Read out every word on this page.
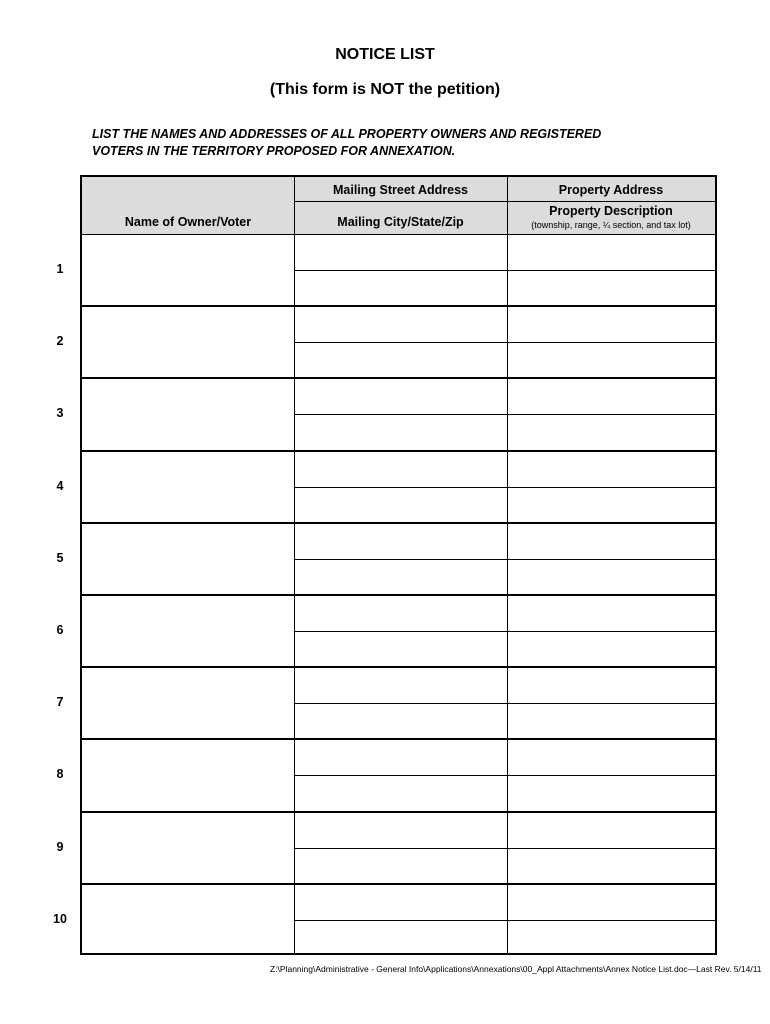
NOTICE LIST
(This form is NOT the petition)
LIST THE NAMES AND ADDRESSES OF ALL PROPERTY OWNERS AND REGISTERED
VOTERS IN THE TERRITORY PROPOSED FOR ANNEXATION.
1
2
3
4
5
6
7
8
9
10
Name of Owner/Voter
Mailing Street Address
Mailing City/State/Zip
Property Address
Property Description
(township, range, ¼ section, and tax lot)
Z:\Planning\Administrative - General Info\Applications\Annexations\00_Appl Attachments\Annex Notice List.doc—Last Rev. 5/14/11
